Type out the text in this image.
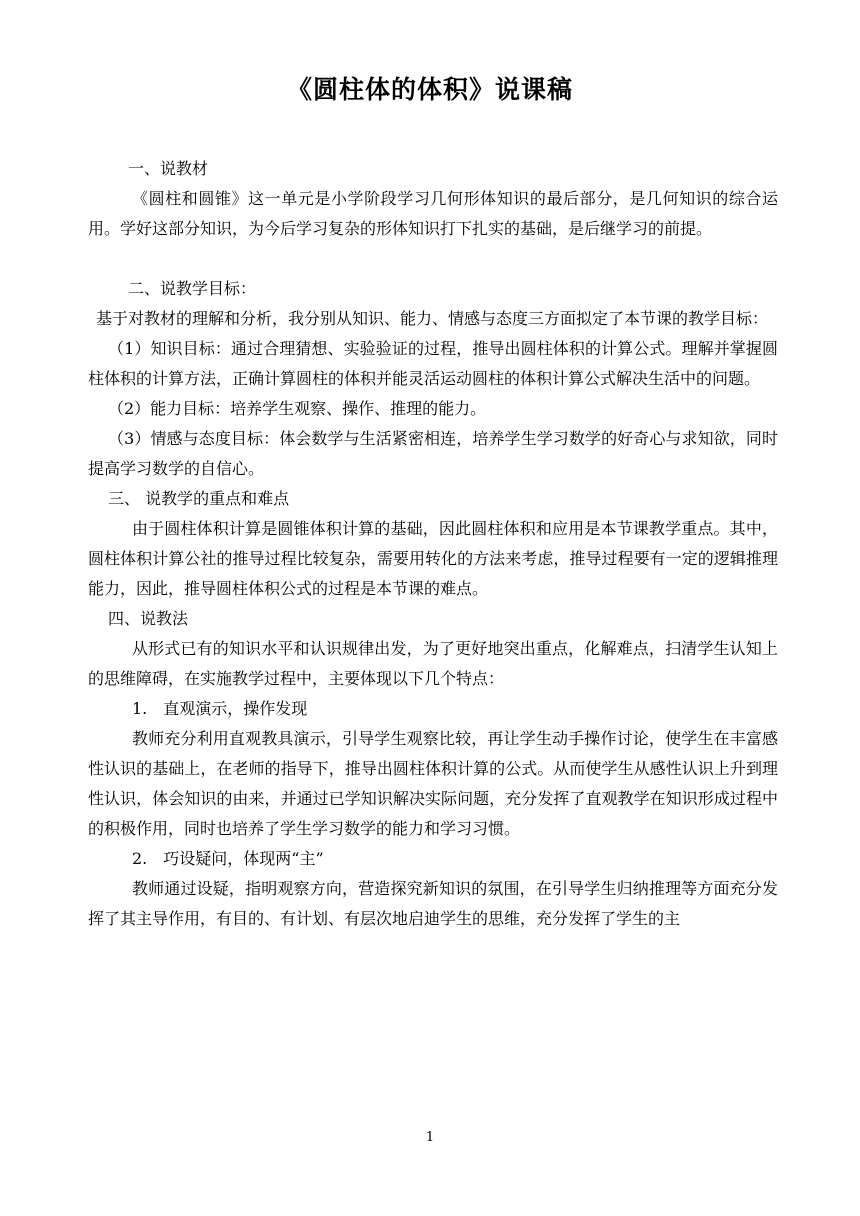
《圆柱体的体积》说课稿

一、说教材

《圆柱和圆锥》这一单元是小学阶段学习几何形体知识的最后部分，是几何知识的综合运用。学好这部分知识，为今后学习复杂的形体知识打下扎实的基础，是后继学习的前提。

二、说教学目标：

基于对教材的理解和分析，我分别从知识、能力、情感与态度三方面拟定了本节课的教学目标：

（1）知识目标：通过合理猜想、实验验证的过程，推导出圆柱体积的计算公式。理解并掌握圆柱体积的计算方法，正确计算圆柱的体积并能灵活运动圆柱的体积计算公式解决生活中的问题。

（2）能力目标：培养学生观察、操作、推理的能力。

（3）情感与态度目标：体会数学与生活紧密相连，培养学生学习数学的好奇心与求知欲，同时提高学习数学的自信心。

三、 说教学的重点和难点

由于圆柱体积计算是圆锥体积计算的基础，因此圆柱体积和应用是本节课教学重点。其中，圆柱体积计算公社的推导过程比较复杂，需要用转化的方法来考虑，推导过程要有一定的逻辑推理能力，因此，推导圆柱体积公式的过程是本节课的难点。

四、说教法

从形式已有的知识水平和认识规律出发，为了更好地突出重点，化解难点，扫清学生认知上的思维障碍，在实施教学过程中，主要体现以下几个特点：

1.　直观演示，操作发现

教师充分利用直观教具演示，引导学生观察比较，再让学生动手操作讨论，使学生在丰富感性认识的基础上，在老师的指导下，推导出圆柱体积计算的公式。从而使学生从感性认识上升到理性认识，体会知识的由来，并通过已学知识解决实际问题，充分发挥了直观教学在知识形成过程中的积极作用，同时也培养了学生学习数学的能力和学习习惯。

2.　巧设疑问，体现两“主”

教师通过设疑，指明观察方向，营造探究新知识的氛围，在引导学生归纳推理等方面充分发挥了其主导作用，有目的、有计划、有层次地启迪学生的思维，充分发挥了学生的主

1
